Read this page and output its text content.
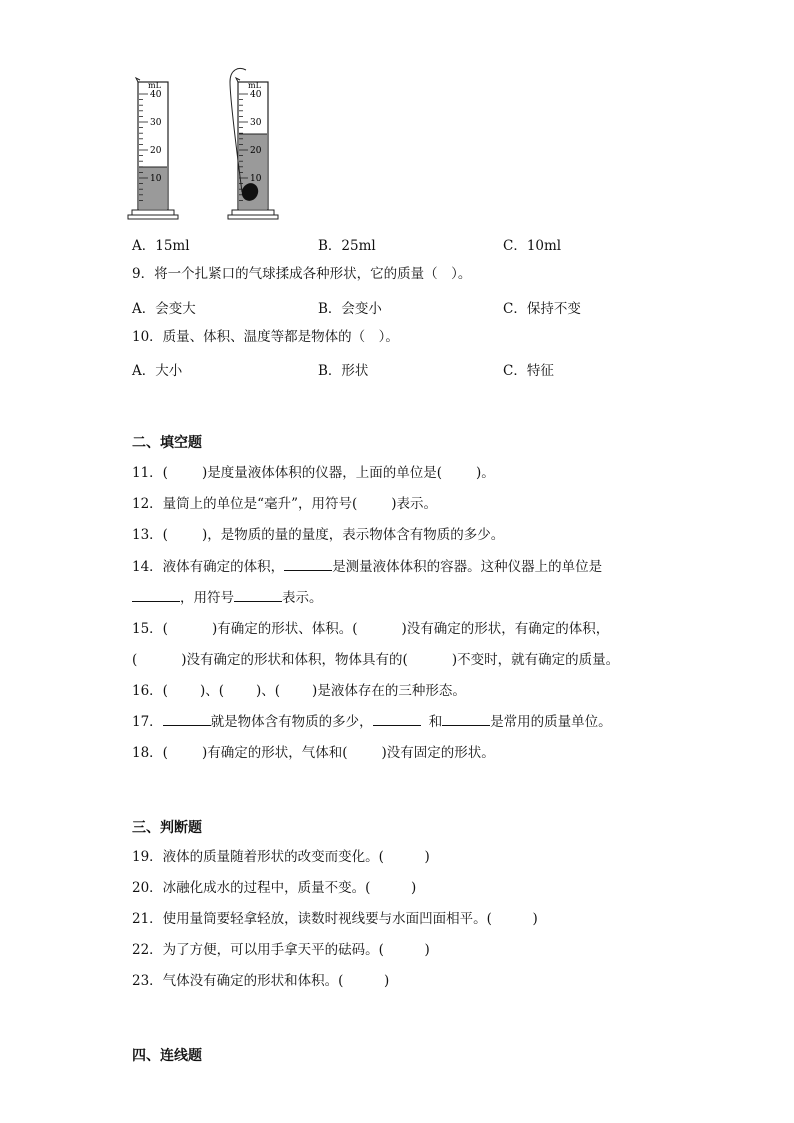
mL
40
30
20
10
mL
40
30
20
10
A．15ml	B．25ml	C．10ml
9．将一个扎紧口的气球揉成各种形状，它的质量（　）。
A．会变大	B．会变小	C．保持不变
10．质量、体积、温度等都是物体的（　）。
A．大小	B．形状	C．特征
二、填空题
11．(	)是度量液体体积的仪器，上面的单位是(	)。
12．量筒上的单位是“毫升”，用符号(	)表示。
13．(	)，是物质的量的量度，表示物体含有物质的多少。
14．液体有确定的体积，	是测量液体体积的容器。这种仪器上的单位是
，用符号	表示。
15．(	)有确定的形状、体积。(	)没有确定的形状，有确定的体积，
(	)没有确定的形状和体积，物体具有的(	)不变时，就有确定的质量。
16．( )、( )、( )是液体存在的三种形态。
17．	就是物体含有物质的多少，	和	是常用的质量单位。
18．(	)有确定的形状，气体和(	)没有固定的形状。
三、判断题
19．液体的质量随着形状的改变而变化。(　　　)
20．冰融化成水的过程中，质量不变。(　　　)
21．使用量筒要轻拿轻放，读数时视线要与水面凹面相平。(　　　)
22．为了方便，可以用手拿天平的砝码。(　　　)
23．气体没有确定的形状和体积。(　　　)
四、连线题
